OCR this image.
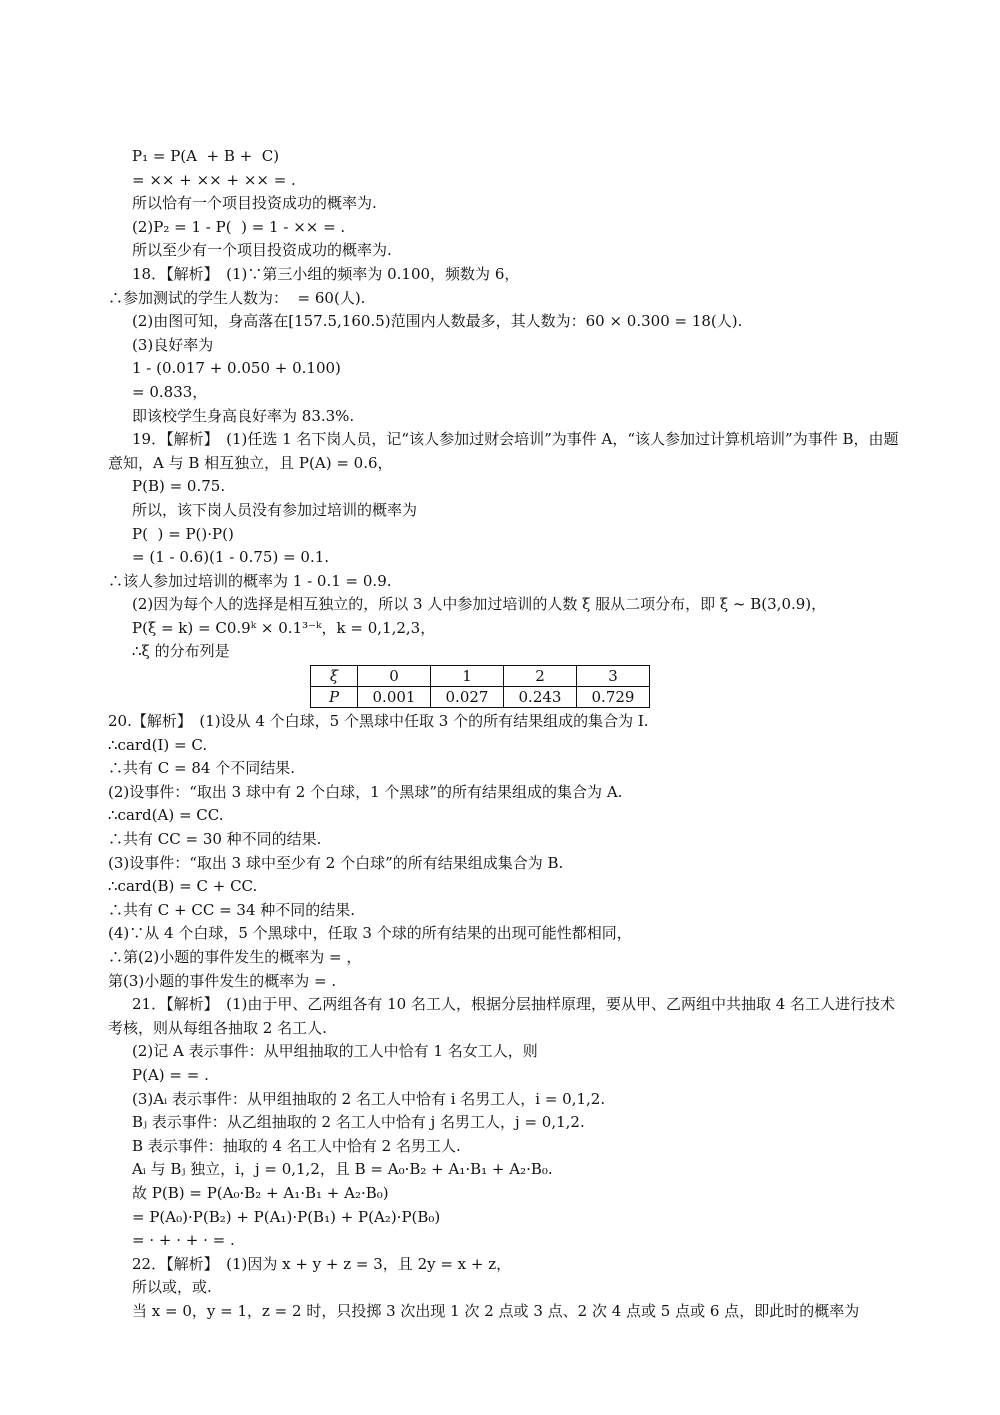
P₁ = P(A  + B +  C)
= ×× + ×× + ×× = .
所以恰有一个项目投资成功的概率为.
(2)P₂ = 1 - P(  ) = 1 - ×× = .
所以至少有一个项目投资成功的概率为.
18．【解析】　(1)∵第三小组的频率为 0.100，频数为 6，
∴参加测试的学生人数为：  = 60(人).
(2)由图可知，身高落在[157.5,160.5)范围内人数最多，其人数为：60 × 0.300 = 18(人).
(3)良好率为
1 - (0.017 + 0.050 + 0.100)
= 0.833，
即该校学生身高良好率为 83.3%.
19．【解析】　(1)任选 1 名下岗人员，记“该人参加过财会培训”为事件 A，“该人参加过计算机培训”为事件 B，由题意知，A 与 B 相互独立，且 P(A) = 0.6，
P(B) = 0.75.
所以，该下岗人员没有参加过培训的概率为
P(  ) = P()·P()
= (1 - 0.6)(1 - 0.75) = 0.1.
∴该人参加过培训的概率为 1 - 0.1 = 0.9.
(2)因为每个人的选择是相互独立的，所以 3 人中参加过培训的人数 ξ 服从二项分布，即 ξ ~ B(3,0.9)，
P(ξ = k) = C0.9ᵏ × 0.1³⁻ᵏ，k = 0,1,2,3，
∴ξ 的分布列是
ξ	0	1	2	3
P	0.001	0.027	0.243	0.729
20.【解析】　(1)设从 4 个白球，5 个黑球中任取 3 个的所有结果组成的集合为 I.
∴card(I) = C.
∴共有 C = 84 个不同结果.
(2)设事件：“取出 3 球中有 2 个白球，1 个黑球”的所有结果组成的集合为 A.
∴card(A) = CC.
∴共有 CC = 30 种不同的结果.
(3)设事件：“取出 3 球中至少有 2 个白球”的所有结果组成集合为 B.
∴card(B) = C + CC.
∴共有 C + CC = 34 种不同的结果.
(4)∵从 4 个白球，5 个黑球中，任取 3 个球的所有结果的出现可能性都相同，
∴第(2)小题的事件发生的概率为 = ，
第(3)小题的事件发生的概率为 = .
21．【解析】　(1)由于甲、乙两组各有 10 名工人，根据分层抽样原理，要从甲、乙两组中共抽取 4 名工人进行技术考核，则从每组各抽取 2 名工人.
(2)记 A 表示事件：从甲组抽取的工人中恰有 1 名女工人，则
P(A) = = .
(3)Aᵢ 表示事件：从甲组抽取的 2 名工人中恰有 i 名男工人，i = 0,1,2.
Bⱼ 表示事件：从乙组抽取的 2 名工人中恰有 j 名男工人，j = 0,1,2.
B 表示事件：抽取的 4 名工人中恰有 2 名男工人.
Aᵢ 与 Bⱼ 独立，i，j = 0,1,2，且 B = A₀·B₂ + A₁·B₁ + A₂·B₀.
故 P(B) = P(A₀·B₂ + A₁·B₁ + A₂·B₀)
= P(A₀)·P(B₂) + P(A₁)·P(B₁) + P(A₂)·P(B₀)
= · + · + · = .
22．【解析】　(1)因为 x + y + z = 3，且 2y = x + z，
所以或，或.
当 x = 0，y = 1，z = 2 时，只投掷 3 次出现 1 次 2 点或 3 点、2 次 4 点或 5 点或 6 点，即此时的概率为
